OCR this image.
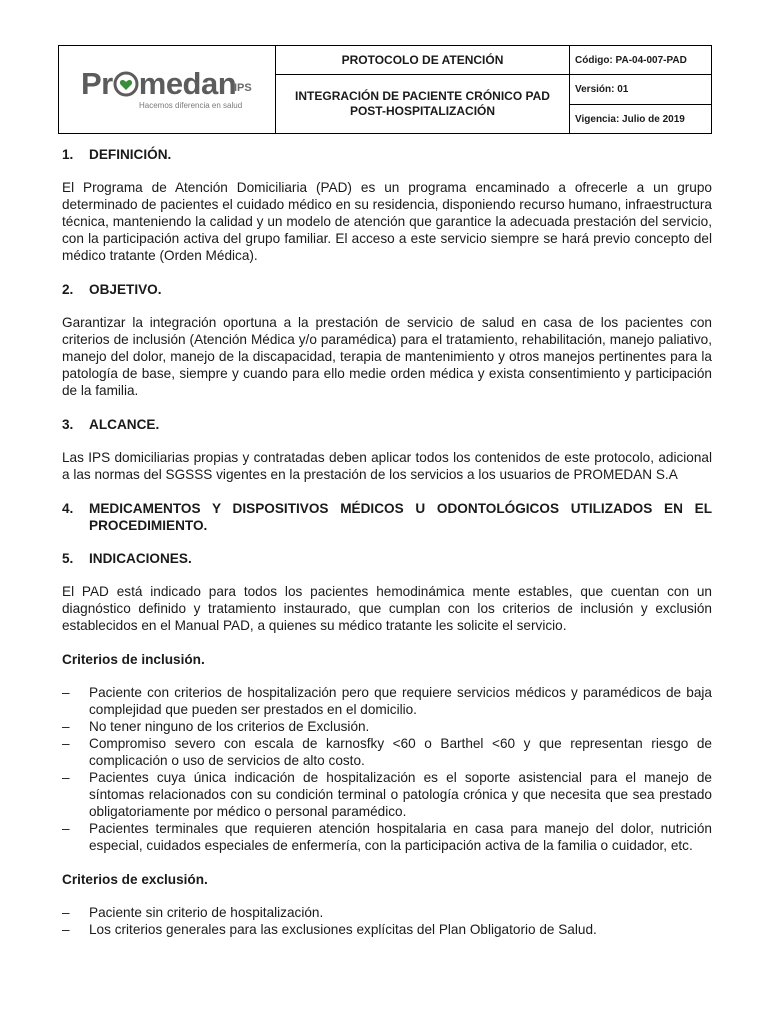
Pr medan
IPS
Hacemos diferencia en salud	PROTOCOLO DE ATENCIÓN	Código: PA-04-007-PAD

	INTEGRACIÓN DE PACIENTE CRÓNICO PAD
POST-HOSPITALIZACIÓN	Versión: 01
		Vigencia: Julio de 2019
1.	DEFINICIÓN.

El Programa de Atención Domiciliaria (PAD) es un programa encaminado a ofrecerle a un grupo determinado de pacientes el cuidado médico en su residencia, disponiendo recurso humano, infraestructura técnica, manteniendo la calidad y un modelo de atención que garantice la adecuada prestación del servicio, con la participación activa del grupo familiar. El acceso a este servicio siempre se hará previo concepto del médico tratante (Orden Médica).

2.	OBJETIVO.

Garantizar la integración oportuna a la prestación de servicio de salud en casa de los pacientes con criterios de inclusión (Atención Médica y/o paramédica) para el tratamiento, rehabilitación, manejo paliativo, manejo del dolor, manejo de la discapacidad, terapia de mantenimiento y otros manejos pertinentes para la patología de base, siempre y cuando para ello medie orden médica y exista consentimiento y participación de la familia.

3.	ALCANCE.

Las IPS domiciliarias propias y contratadas deben aplicar todos los contenidos de este protocolo, adicional a las normas del SGSSS vigentes en la prestación de los servicios a los usuarios de PROMEDAN S.A

4.	MEDICAMENTOS Y DISPOSITIVOS MÉDICOS U ODONTOLÓGICOS UTILIZADOS EN EL PROCEDIMIENTO.
5.	INDICACIONES.

El PAD está indicado para todos los pacientes hemodinámica mente estables, que cuentan con un diagnóstico definido y tratamiento instaurado, que cumplan con los criterios de inclusión y exclusión establecidos en el Manual PAD, a quienes su médico tratante les solicite el servicio.

Criterios de inclusión.
–	Paciente con criterios de hospitalización pero que requiere servicios médicos y paramédicos de baja complejidad que pueden ser prestados en el domicilio.
–	No tener ninguno de los criterios de Exclusión.
–	Compromiso severo con escala de karnosfky <60 o Barthel <60 y que representan riesgo de complicación o uso de servicios de alto costo.
–	Pacientes cuya única indicación de hospitalización es el soporte asistencial para el manejo de síntomas relacionados con su condición terminal o patología crónica y que necesita que sea prestado obligatoriamente por médico o personal paramédico.
–	Pacientes terminales que requieren atención hospitalaria en casa para manejo del dolor, nutrición especial, cuidados especiales de enfermería, con la participación activa de la familia o cuidador, etc.
Criterios de exclusión.
–	Paciente sin criterio de hospitalización.
–	Los criterios generales para las exclusiones explícitas del Plan Obligatorio de Salud.
